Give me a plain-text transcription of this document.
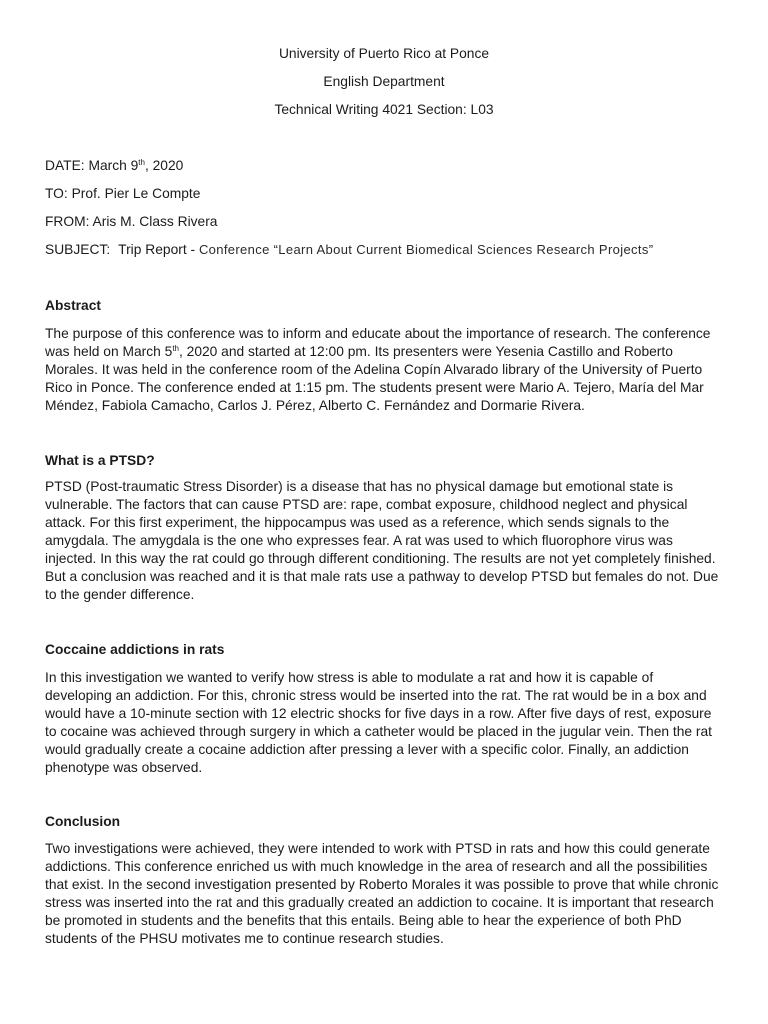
University of Puerto Rico at Ponce
English Department
Technical Writing 4021 Section: L03
DATE: March 9th, 2020
TO: Prof. Pier Le Compte
FROM: Aris M. Class Rivera
SUBJECT: Trip Report - Conference “Learn About Current Biomedical Sciences Research Projects”
Abstract
The purpose of this conference was to inform and educate about the importance of research. The conference
was held on March 5th, 2020 and started at 12:00 pm. Its presenters were Yesenia Castillo and Roberto
Morales. It was held in the conference room of the Adelina Copín Alvarado library of the University of Puerto
Rico in Ponce. The conference ended at 1:15 pm. The students present were Mario A. Tejero, María del Mar
Méndez, Fabiola Camacho, Carlos J. Pérez, Alberto C. Fernández and Dormarie Rivera.
What is a PTSD?
PTSD (Post-traumatic Stress Disorder) is a disease that has no physical damage but emotional state is
vulnerable. The factors that can cause PTSD are: rape, combat exposure, childhood neglect and physical
attack. For this first experiment, the hippocampus was used as a reference, which sends signals to the
amygdala. The amygdala is the one who expresses fear. A rat was used to which fluorophore virus was
injected. In this way the rat could go through different conditioning. The results are not yet completely finished.
But a conclusion was reached and it is that male rats use a pathway to develop PTSD but females do not. Due
to the gender difference.
Coccaine addictions in rats
In this investigation we wanted to verify how stress is able to modulate a rat and how it is capable of
developing an addiction. For this, chronic stress would be inserted into the rat. The rat would be in a box and
would have a 10-minute section with 12 electric shocks for five days in a row. After five days of rest, exposure
to cocaine was achieved through surgery in which a catheter would be placed in the jugular vein. Then the rat
would gradually create a cocaine addiction after pressing a lever with a specific color. Finally, an addiction
phenotype was observed.
Conclusion
Two investigations were achieved, they were intended to work with PTSD in rats and how this could generate
addictions. This conference enriched us with much knowledge in the area of research and all the possibilities
that exist. In the second investigation presented by Roberto Morales it was possible to prove that while chronic
stress was inserted into the rat and this gradually created an addiction to cocaine. It is important that research
be promoted in students and the benefits that this entails. Being able to hear the experience of both PhD
students of the PHSU motivates me to continue research studies.
